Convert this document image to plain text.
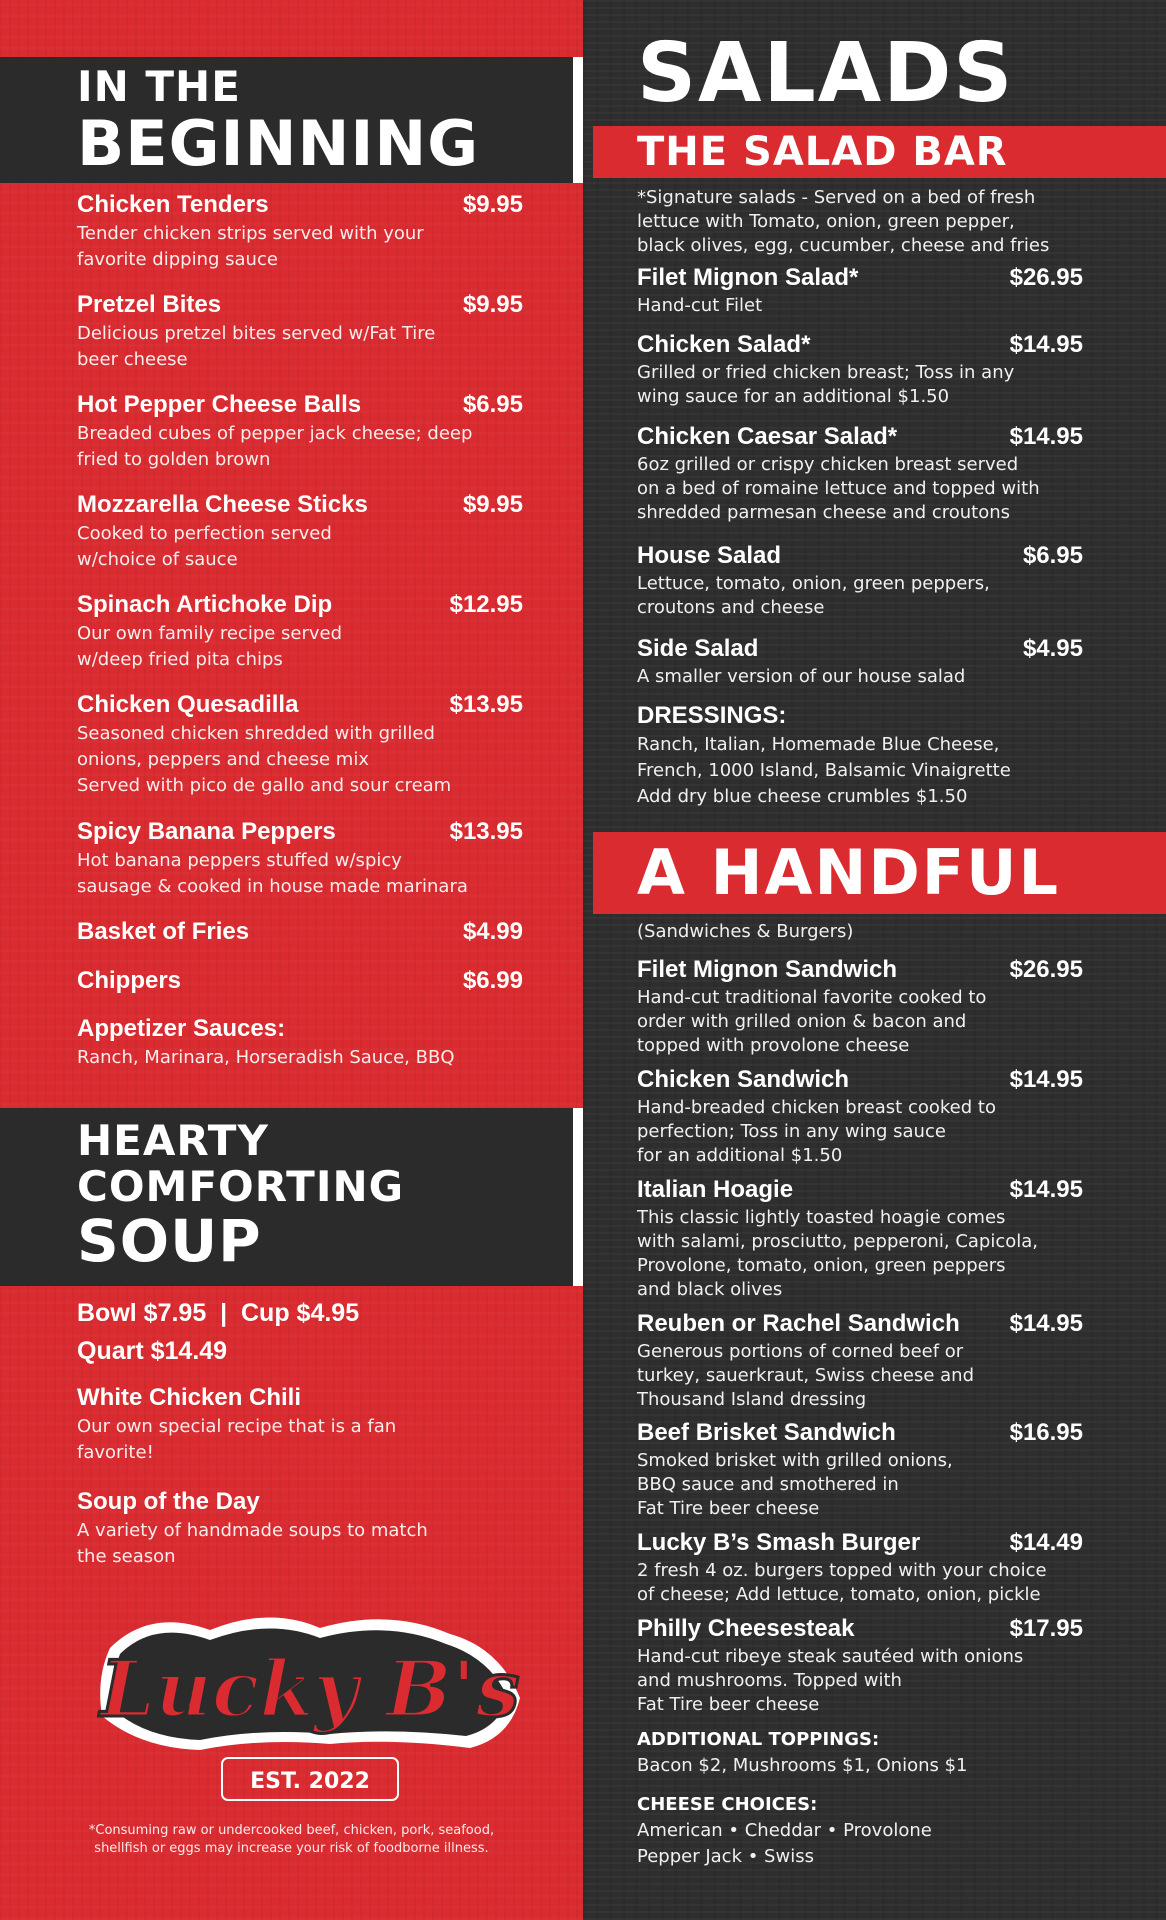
IN THE
BEGINNING
Chicken Tenders	$9.95
Tender chicken strips served with your
favorite dipping sauce
Pretzel Bites	$9.95
Delicious pretzel bites served w/Fat Tire
beer cheese
Hot Pepper Cheese Balls	$6.95
Breaded cubes of pepper jack cheese; deep
fried to golden brown
Mozzarella Cheese Sticks	$9.95
Cooked to perfection served
w/choice of sauce
Spinach Artichoke Dip	$12.95
Our own family recipe served
w/deep fried pita chips
Chicken Quesadilla	$13.95
Seasoned chicken shredded with grilled
onions, peppers and cheese mix
Served with pico de gallo and sour cream
Spicy Banana Peppers	$13.95
Hot banana peppers stuffed w/spicy
sausage & cooked in house made marinara
Basket of Fries	$4.99
Chippers	$6.99
Appetizer Sauces:
Ranch, Marinara, Horseradish Sauce, BBQ
HEARTY
COMFORTING
SOUP
Bowl $7.95  |  Cup $4.95
Quart $14.49
White Chicken Chili
Our own special recipe that is a fan
favorite!
Soup of the Day
A variety of handmade soups to match
the season
Lucky B's
EST. 2022
*Consuming raw or undercooked beef, chicken, pork, seafood,
shellfish or eggs may increase your risk of foodborne illness.
SALADS
THE SALAD BAR
*Signature salads - Served on a bed of fresh
lettuce with Tomato, onion, green pepper,
black olives, egg, cucumber, cheese and fries
Filet Mignon Salad*	$26.95
Hand-cut Filet
Chicken Salad*	$14.95
Grilled or fried chicken breast; Toss in any
wing sauce for an additional $1.50
Chicken Caesar Salad*	$14.95
6oz grilled or crispy chicken breast served
on a bed of romaine lettuce and topped with
shredded parmesan cheese and croutons
House Salad	$6.95
Lettuce, tomato, onion, green peppers,
croutons and cheese
Side Salad	$4.95
A smaller version of our house salad
DRESSINGS:
Ranch, Italian, Homemade Blue Cheese,
French, 1000 Island, Balsamic Vinaigrette
Add dry blue cheese crumbles $1.50
A HANDFUL
(Sandwiches & Burgers)
Filet Mignon Sandwich	$26.95
Hand-cut traditional favorite cooked to
order with grilled onion & bacon and
topped with provolone cheese
Chicken Sandwich	$14.95
Hand-breaded chicken breast cooked to
perfection; Toss in any wing sauce
for an additional $1.50
Italian Hoagie	$14.95
This classic lightly toasted hoagie comes
with salami, prosciutto, pepperoni, Capicola,
Provolone, tomato, onion, green peppers
and black olives
Reuben or Rachel Sandwich $14.95
Generous portions of corned beef or
turkey, sauerkraut, Swiss cheese and
Thousand Island dressing
Beef Brisket Sandwich	$16.95
Smoked brisket with grilled onions,
BBQ sauce and smothered in
Fat Tire beer cheese
Lucky B’s Smash Burger	$14.49
2 fresh 4 oz. burgers topped with your choice
of cheese; Add lettuce, tomato, onion, pickle
Philly Cheesesteak	$17.95
Hand-cut ribeye steak sautéed with onions
and mushrooms. Topped with
Fat Tire beer cheese
ADDITIONAL TOPPINGS:
Bacon $2, Mushrooms $1, Onions $1
CHEESE CHOICES:
American • Cheddar • Provolone
Pepper Jack • Swiss
